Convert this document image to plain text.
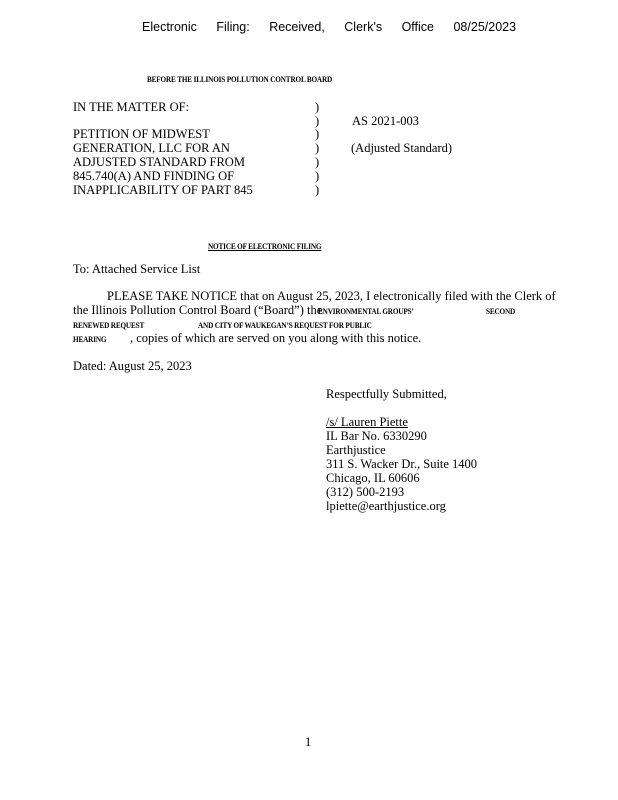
Electronic Filing: Received, Clerk's Office 08/25/2023
BEFORE THE ILLINOIS POLLUTION CONTROL BOARD
IN THE MATTER OF:
PETITION OF MIDWEST
GENERATION, LLC FOR AN
ADJUSTED STANDARD FROM
845.740(A) AND FINDING OF
INAPPLICABILITY OF PART 845
)
)
)
)
)
)
)
AS 2021-003
(Adjusted Standard)
NOTICE OF ELECTRONIC FILING
To: Attached Service List
PLEASE TAKE NOTICE that on August 25, 2023, I electronically filed with the Clerk of
the Illinois Pollution Control Board (“Board”) the
ENVIRONMENTAL GROUPS’	SECOND
RENEWED REQUEST	AND CITY OF WAUKEGAN’S REQUEST FOR PUBLIC
HEARING , copies of which are served on you along with this notice.
Dated: August 25, 2023
Respectfully Submitted,
/s/ Lauren Piette
IL Bar No. 6330290
Earthjustice
311 S. Wacker Dr., Suite 1400
Chicago, IL 60606
(312) 500-2193
lpiette@earthjustice.org
1
